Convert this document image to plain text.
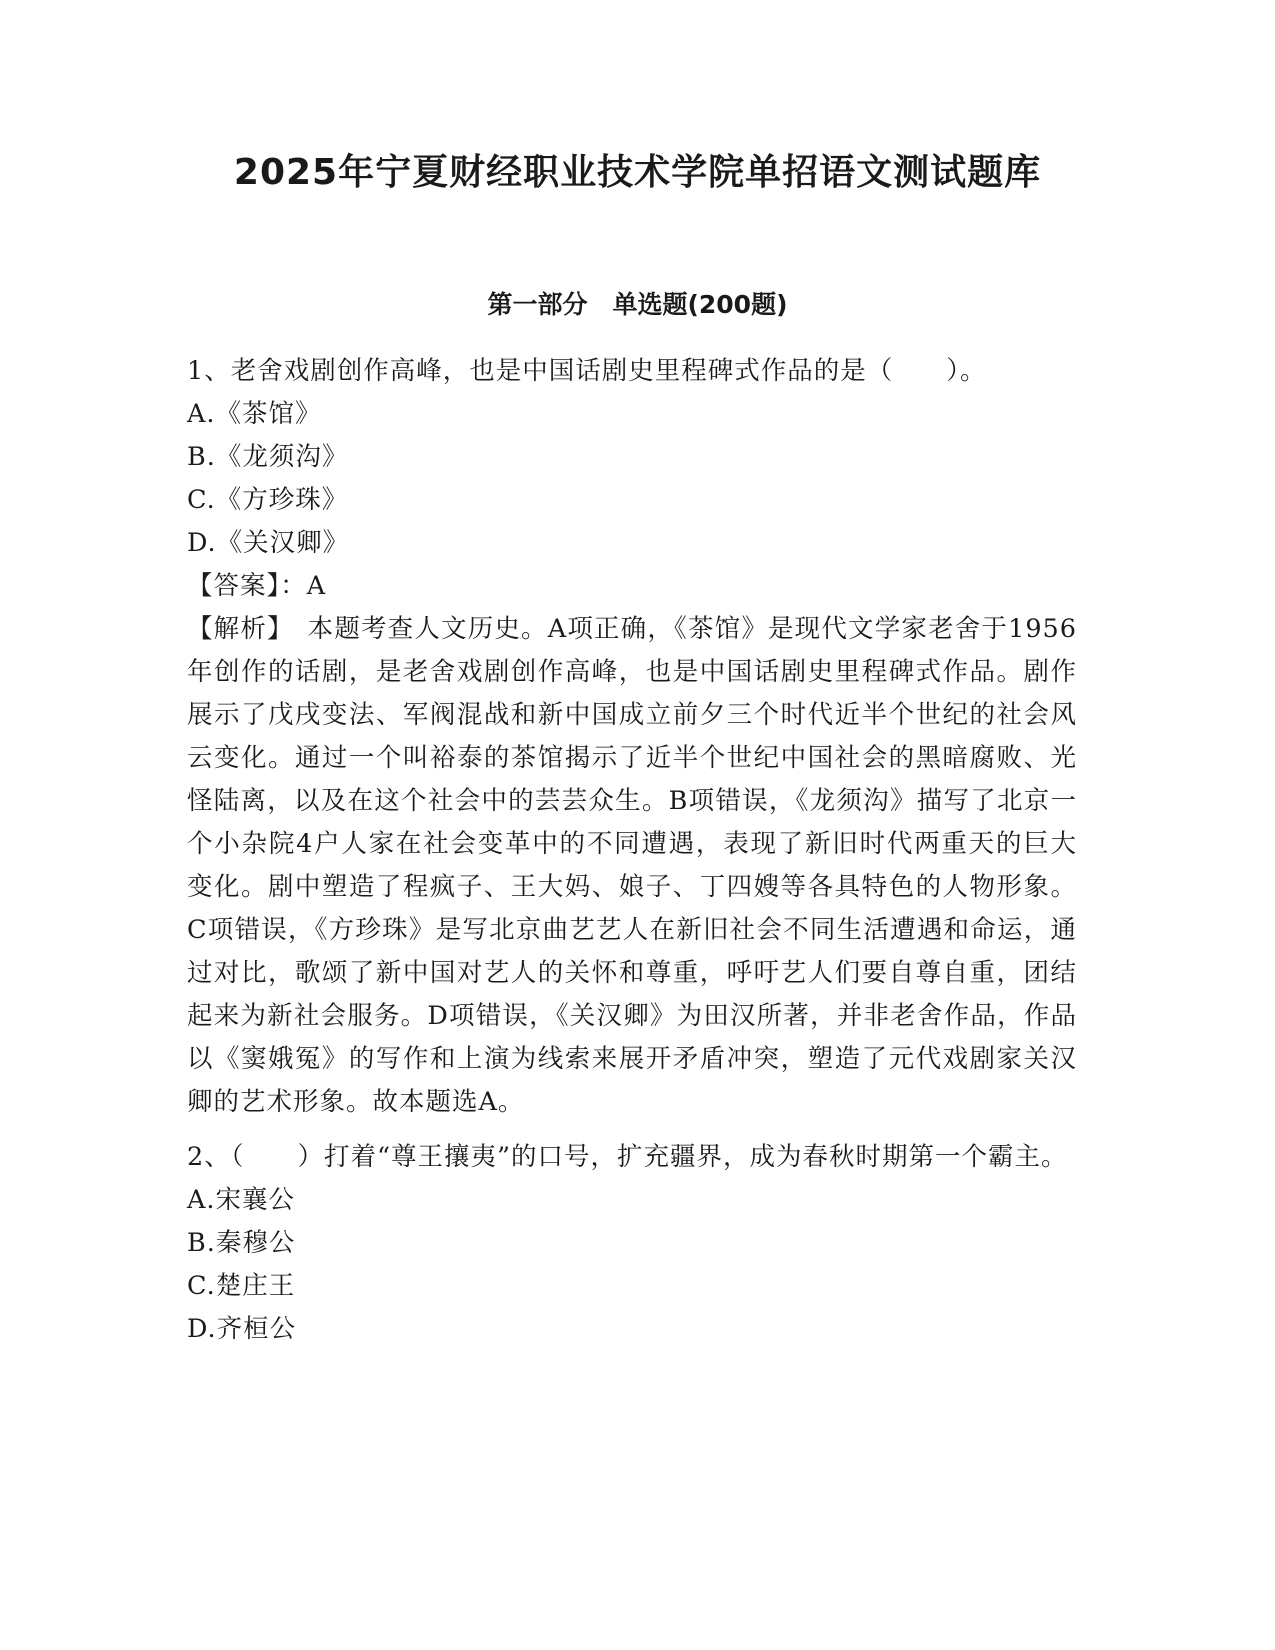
2025年宁夏财经职业技术学院单招语文测试题库
第一部分　单选题(200题)

1、老舍戏剧创作高峰，也是中国话剧史里程碑式作品的是（　　）。

A.《茶馆》

B.《龙须沟》

C.《方珍珠》

D.《关汉卿》

【答案】：A

【解析】　本题考查人文历史。A项正确，《茶馆》是现代文学家老舍于1956年创作的话剧，是老舍戏剧创作高峰，也是中国话剧史里程碑式作品。剧作展示了戊戌变法、军阀混战和新中国成立前夕三个时代近半个世纪的社会风云变化。通过一个叫裕泰的茶馆揭示了近半个世纪中国社会的黑暗腐败、光怪陆离，以及在这个社会中的芸芸众生。B项错误，《龙须沟》描写了北京一个小杂院4户人家在社会变革中的不同遭遇，表现了新旧时代两重天的巨大变化。剧中塑造了程疯子、王大妈、娘子、丁四嫂等各具特色的人物形象。C项错误，《方珍珠》是写北京曲艺艺人在新旧社会不同生活遭遇和命运，通过对比，歌颂了新中国对艺人的关怀和尊重，呼吁艺人们要自尊自重，团结起来为新社会服务。D项错误，《关汉卿》为田汉所著，并非老舍作品，作品以《窦娥冤》的写作和上演为线索来展开矛盾冲突，塑造了元代戏剧家关汉卿的艺术形象。故本题选A。

2、（　　）打着“尊王攘夷”的口号，扩充疆界，成为春秋时期第一个霸主。

A.宋襄公

B.秦穆公

C.楚庄王

D.齐桓公
